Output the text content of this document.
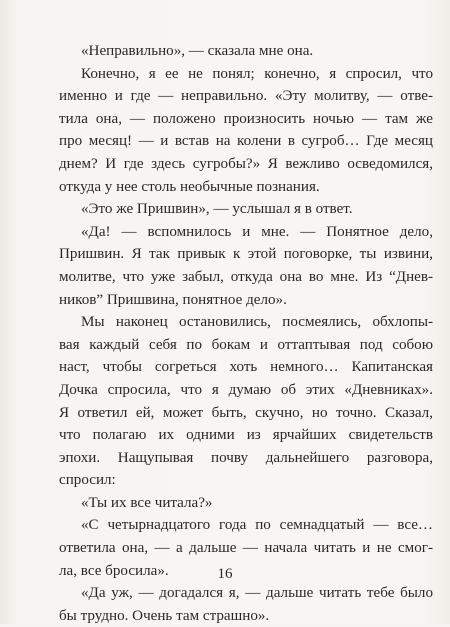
«Неправильно», — сказала мне она.
Конечно, я ее не понял; конечно, я спросил, что
именно и где — неправильно. «Эту молитву, — отве-
тила она, — положено произносить ночью — там же
про месяц! — и встав на колени в сугроб… Где месяц
днем? И где здесь сугробы?» Я вежливо осведомился,
откуда у нее столь необычные познания.
«Это же Пришвин», — услышал я в ответ.
«Да! — вспомнилось и мне. — Понятное дело,
Пришвин. Я так привык к этой поговорке, ты извини,
молитве, что уже забыл, откуда она во мне. Из “Днев-
ников” Пришвина, понятное дело».
Мы наконец остановились, посмеялись, обхлопы-
вая каждый себя по бокам и оттаптывая под собою
наст, чтобы согреться хоть немного… Капитанская
Дочка спросила, что я думаю об этих «Дневниках».
Я ответил ей, может быть, скучно, но точно. Сказал,
что полагаю их одними из ярчайших свидетельств
эпохи. Нащупывая почву дальнейшего разговора,
спросил:
«Ты их все читала?»
«С четырнадцатого года по семнадцатый — все…
ответила она, — а дальше — начала читать и не смог-
ла, все бросила».
«Да уж, — догадался я, — дальше читать тебе было
бы трудно. Очень там страшно».
16
